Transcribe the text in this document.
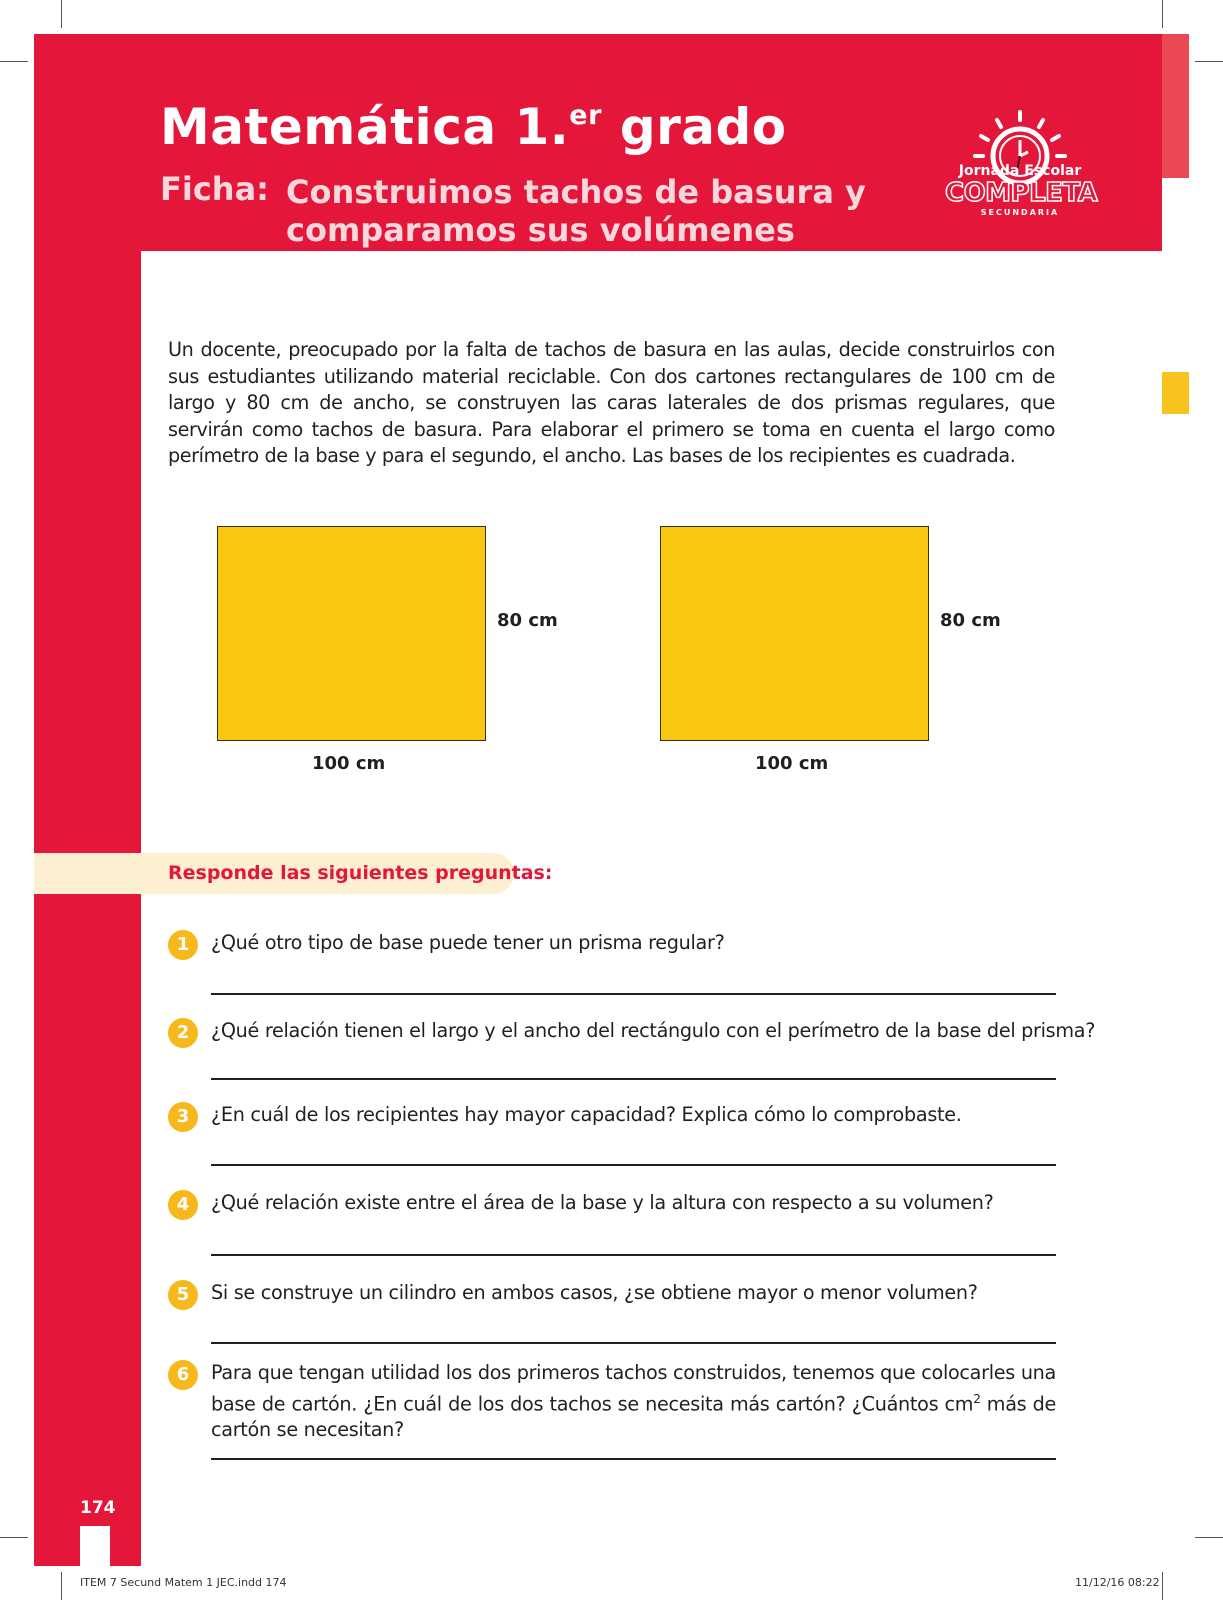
Matemática 1.$^{er}$ grado
Ficha: Construimos tachos de basura y
comparamos sus volúmenes
Jornada Escolar
COMPLETA
SECUNDARIA

Un docente, preocupado por la falta de tachos de basura en las aulas, decide construirlos con sus estudiantes utilizando material reciclable. Con dos cartones rectangulares de 100 cm de largo y 80 cm de ancho, se construyen las caras laterales de dos prismas regulares, que servirán como tachos de basura. Para elaborar el primero se toma en cuenta el largo como perímetro de la base y para el segundo, el ancho. Las bases de los recipientes es cuadrada.

80 cm
100 cm
80 cm
100 cm
Responde las siguientes preguntas:
1	¿Qué otro tipo de base puede tener un prisma regular?
2	¿Qué relación tienen el largo y el ancho del rectángulo con el perímetro de la base del prisma?
3	¿En cuál de los recipientes hay mayor capacidad? Explica cómo lo comprobaste.
4	¿Qué relación existe entre el área de la base y la altura con respecto a su volumen?
5	Si se construye un cilindro en ambos casos, ¿se obtiene mayor o menor volumen?
6	Para que tengan utilidad los dos primeros tachos construidos, tenemos que colocarles una base de cartón. ¿En cuál de los dos tachos se necesita más cartón? ¿Cuántos $cm^2$ más de cartón se necesitan?
174
ITEM 7 Secund Matem 1 JEC.indd 174	11/12/16 08:22
